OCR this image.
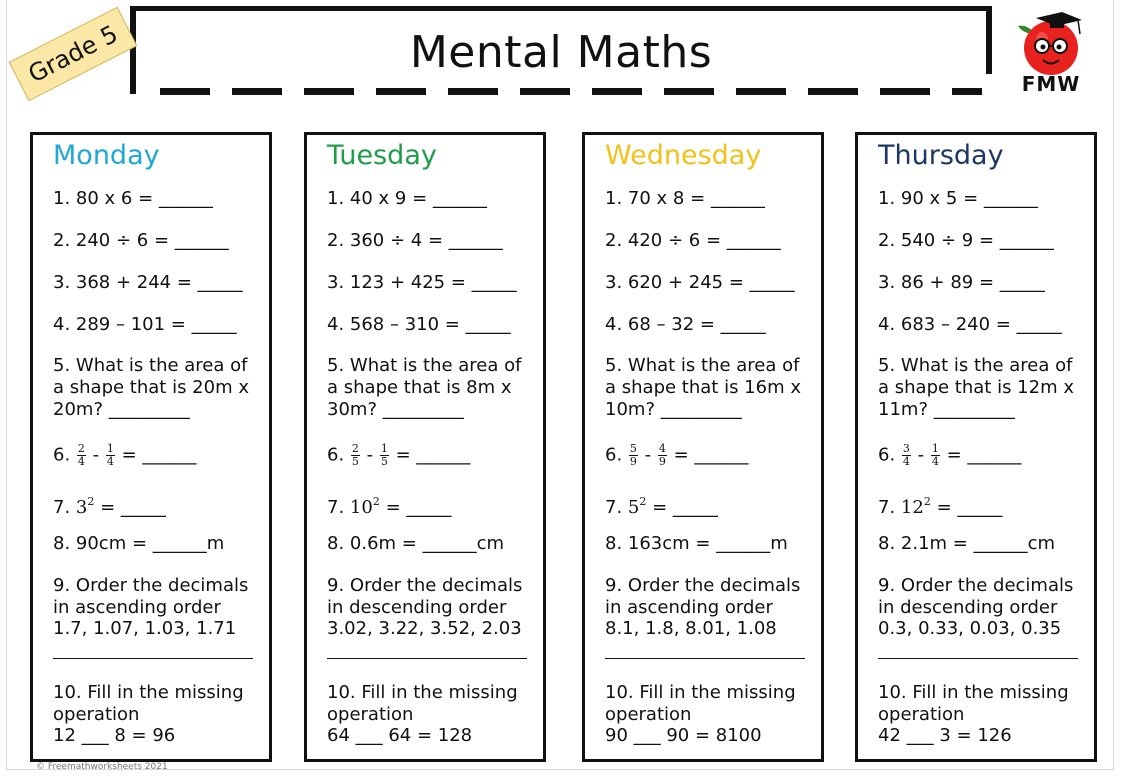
Mental Maths
Grade 5	FMW
Monday
1. 80 x 6 = ______
2. 240 ÷ 6 = ______
3. 368 + 244 = _____
4. 289 – 101 = _____
5. What is the area of
a shape that is 20m x
20m? _________
6. $\frac{2}{4} - \frac{1}{4}$ = ______
7. $3^2$ = _____
8. 90cm = ______m
9. Order the decimals
in ascending order
1.7, 1.07, 1.03, 1.71
10. Fill in the missing
operation
12 ___ 8 = 96
Tuesday
1. 40 x 9 = ______
2. 360 ÷ 4 = ______
3. 123 + 425 = _____
4. 568 – 310 = _____
5. What is the area of
a shape that is 8m x
30m? _________
6. $\frac{2}{5} - \frac{1}{5}$ = ______
7. $10^2$ = _____
8. 0.6m = ______cm
9. Order the decimals
in descending order
3.02, 3.22, 3.52, 2.03
10. Fill in the missing
operation
64 ___ 64 = 128
Wednesday
1. 70 x 8 = ______
2. 420 ÷ 6 = ______
3. 620 + 245 = _____
4. 68 – 32 = _____
5. What is the area of
a shape that is 16m x
10m? _________
6. $\frac{5}{9} - \frac{4}{9}$ = ______
7. $5^2$ = _____
8. 163cm = ______m
9. Order the decimals
in ascending order
8.1, 1.8, 8.01, 1.08
10. Fill in the missing
operation
90 ___ 90 = 8100
Thursday
1. 90 x 5 = ______
2. 540 ÷ 9 = ______
3. 86 + 89 = _____
4. 683 – 240 = _____
5. What is the area of
a shape that is 12m x
11m? _________
6. $\frac{3}{4} - \frac{1}{4}$ = ______
7. $12^2$ = _____
8. 2.1m = ______cm
9. Order the decimals
in descending order
0.3, 0.33, 0.03, 0.35
10. Fill in the missing
operation
42 ___ 3 = 126
© Freemathworksheets 2021
